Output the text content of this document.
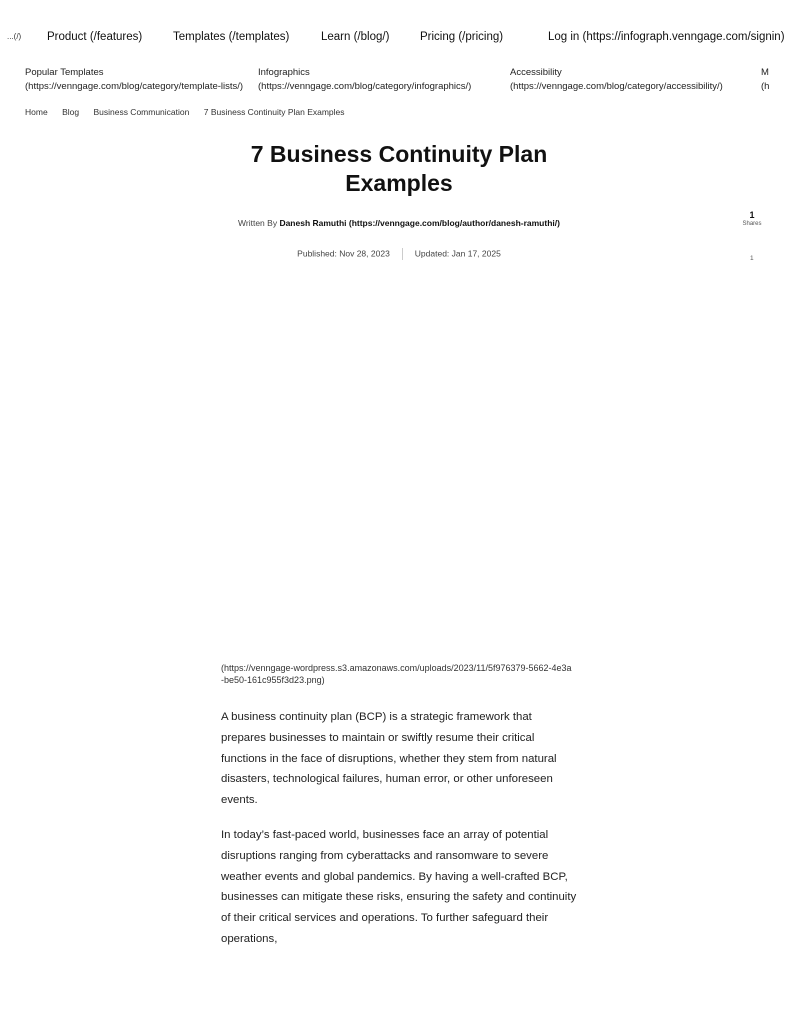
...(/) Product (/features)	Templates (/templates)	Learn (/blog/)	Pricing (/pricing)	Log in (https://infograph.venngage.com/signin)
Popular Templates
(https://venngage.com/blog/category/template-lists/)
Infographics
(https://venngage.com/blog/category/infographics/)
Accessibility
(https://venngage.com/blog/category/accessibility/)
M
(h
Home Blog Business Communication 7 Business Continuity Plan Examples
7 Business Continuity Plan Examples
Written By Danesh Ramuthi (https://venngage.com/blog/author/danesh-ramuthi/)
Published: Nov 28, 2023	Updated: Jan 17, 2025
1
Shares
1
(https://venngage-wordpress.s3.amazonaws.com/uploads/2023/11/5f976379-5662-4e3a-be50-161c955f3d23.png)

A business continuity plan (BCP) is a strategic framework that prepares businesses to maintain or swiftly resume their critical functions in the face of disruptions, whether they stem from natural disasters, technological failures, human error, or other unforeseen events.

In today’s fast-paced world, businesses face an array of potential disruptions ranging from cyberattacks and ransomware to severe weather events and global pandemics. By having a well-crafted BCP, businesses can mitigate these risks, ensuring the safety and continuity of their critical services and operations. To further safeguard their operations,
